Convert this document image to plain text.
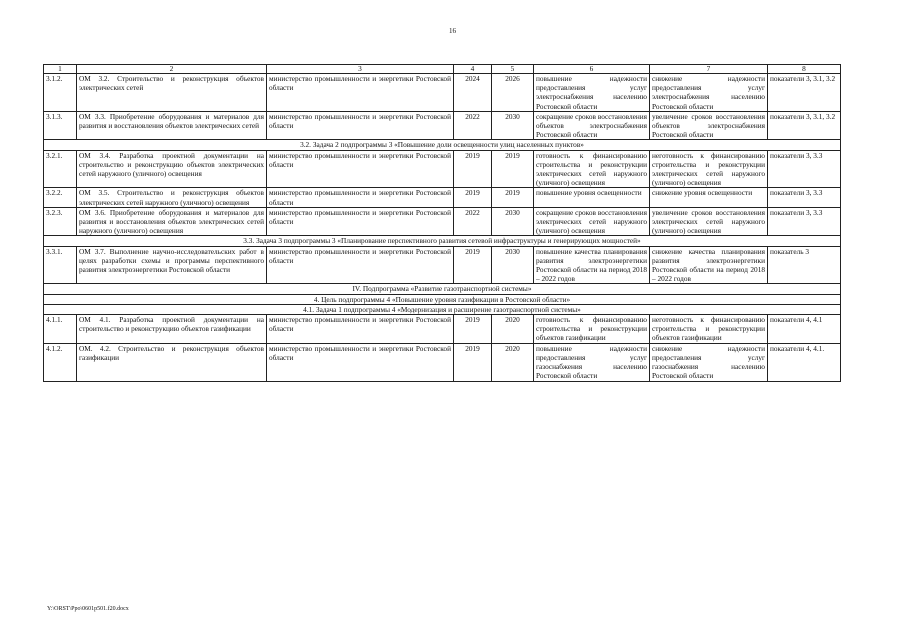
16
1	2	3	4	5	6	7	8
3.1.2.	ОМ 3.2. Строительство и реконструкция объектов электрических сетей	министерство промышленности и энергетики Ростовской области	2024	2026	повышение надежности предоставления услуг электроснабжения населению Ростовской области	снижение надежности предоставления услуг электроснабжения населению Ростовской области	показатели 3, 3.1, 3.2
3.1.3.	ОМ 3.3. Приобретение оборудования и материалов для развития и восстановления объектов электрических сетей	министерство промышленности и энергетики Ростовской области	2022	2030	сокращение сроков восстановления объектов электроснабжения Ростовской области	увеличение сроков восстановления объектов электроснабжения Ростовской области	показатели 3, 3.1, 3.2
3.2. Задача 2 подпрограммы 3 «Повышение доли освещенности улиц населенных пунктов»							
3.2.1.	ОМ 3.4. Разработка проектной документации на строительство и реконструкцию объектов электрических сетей наружного (уличного) освещения	министерство промышленности и энергетики Ростовской области	2019	2019	готовность к финансированию строительства и реконструкции электрических сетей наружного (уличного) освещения	неготовность к финансированию строительства и реконструкции электрических сетей наружного (уличного) освещения	показатели 3, 3.3
3.2.2.	ОМ 3.5. Строительство и реконструкция объектов электрических сетей наружного (уличного) освещения	министерство промышленности и энергетики Ростовской области	2019	2019	повышение уровня освещенности	снижение уровня освещенности	показатели 3, 3.3
3.2.3.	ОМ 3.6. Приобретение оборудования и материалов для развития и восстановления объектов электрических сетей наружного (уличного) освещения	министерство промышленности и энергетики Ростовской области	2022	2030	сокращение сроков восстановления электрических сетей наружного (уличного) освещения	увеличение сроков восстановления электрических сетей наружного (уличного) освещения	показатели 3, 3.3
3.3. Задача 3 подпрограммы 3 «Планирование перспективного развития сетевой инфраструктуры и генерирующих мощностей»							
3.3.1.	ОМ 3.7. Выполнение научно-исследовательских работ в целях разработки схемы и программы перспективного развития электроэнергетики Ростовской области	министерство промышленности и энергетики Ростовской области	2019	2030	повышение качества планирования развития электроэнергетики Ростовской области на период 2018 – 2022 годов	снижение качества планирования развития электроэнергетики Ростовской области на период 2018 – 2022 годов	показатель 3
IV. Подпрограмма «Развитие газотранспортной системы»							
4. Цель подпрограммы 4 «Повышение уровня газификации в Ростовской области»							
4.1. Задача 1 подпрограммы 4 «Модернизация и расширение газотранспортной системы»							
4.1.1.	ОМ 4.1. Разработка проектной документации на строительство и реконструкцию объектов газификации	министерство промышленности и энергетики Ростовской области	2019	2020	готовность к финансированию строительства и реконструкции объектов газификации	неготовность к финансированию строительства и реконструкции объектов газификации	показатели 4, 4.1
4.1.2.	ОМ. 4.2. Строительство и реконструкция объектов газификации	министерство промышленности и энергетики Ростовской области	2019	2020	повышение надежности предоставления услуг газоснабжения населению Ростовской области	снижение надежности предоставления услуг газоснабжения населению Ростовской области	показатели 4, 4.1.
Y:\ORST\Ppo\0601p501.f20.docx
